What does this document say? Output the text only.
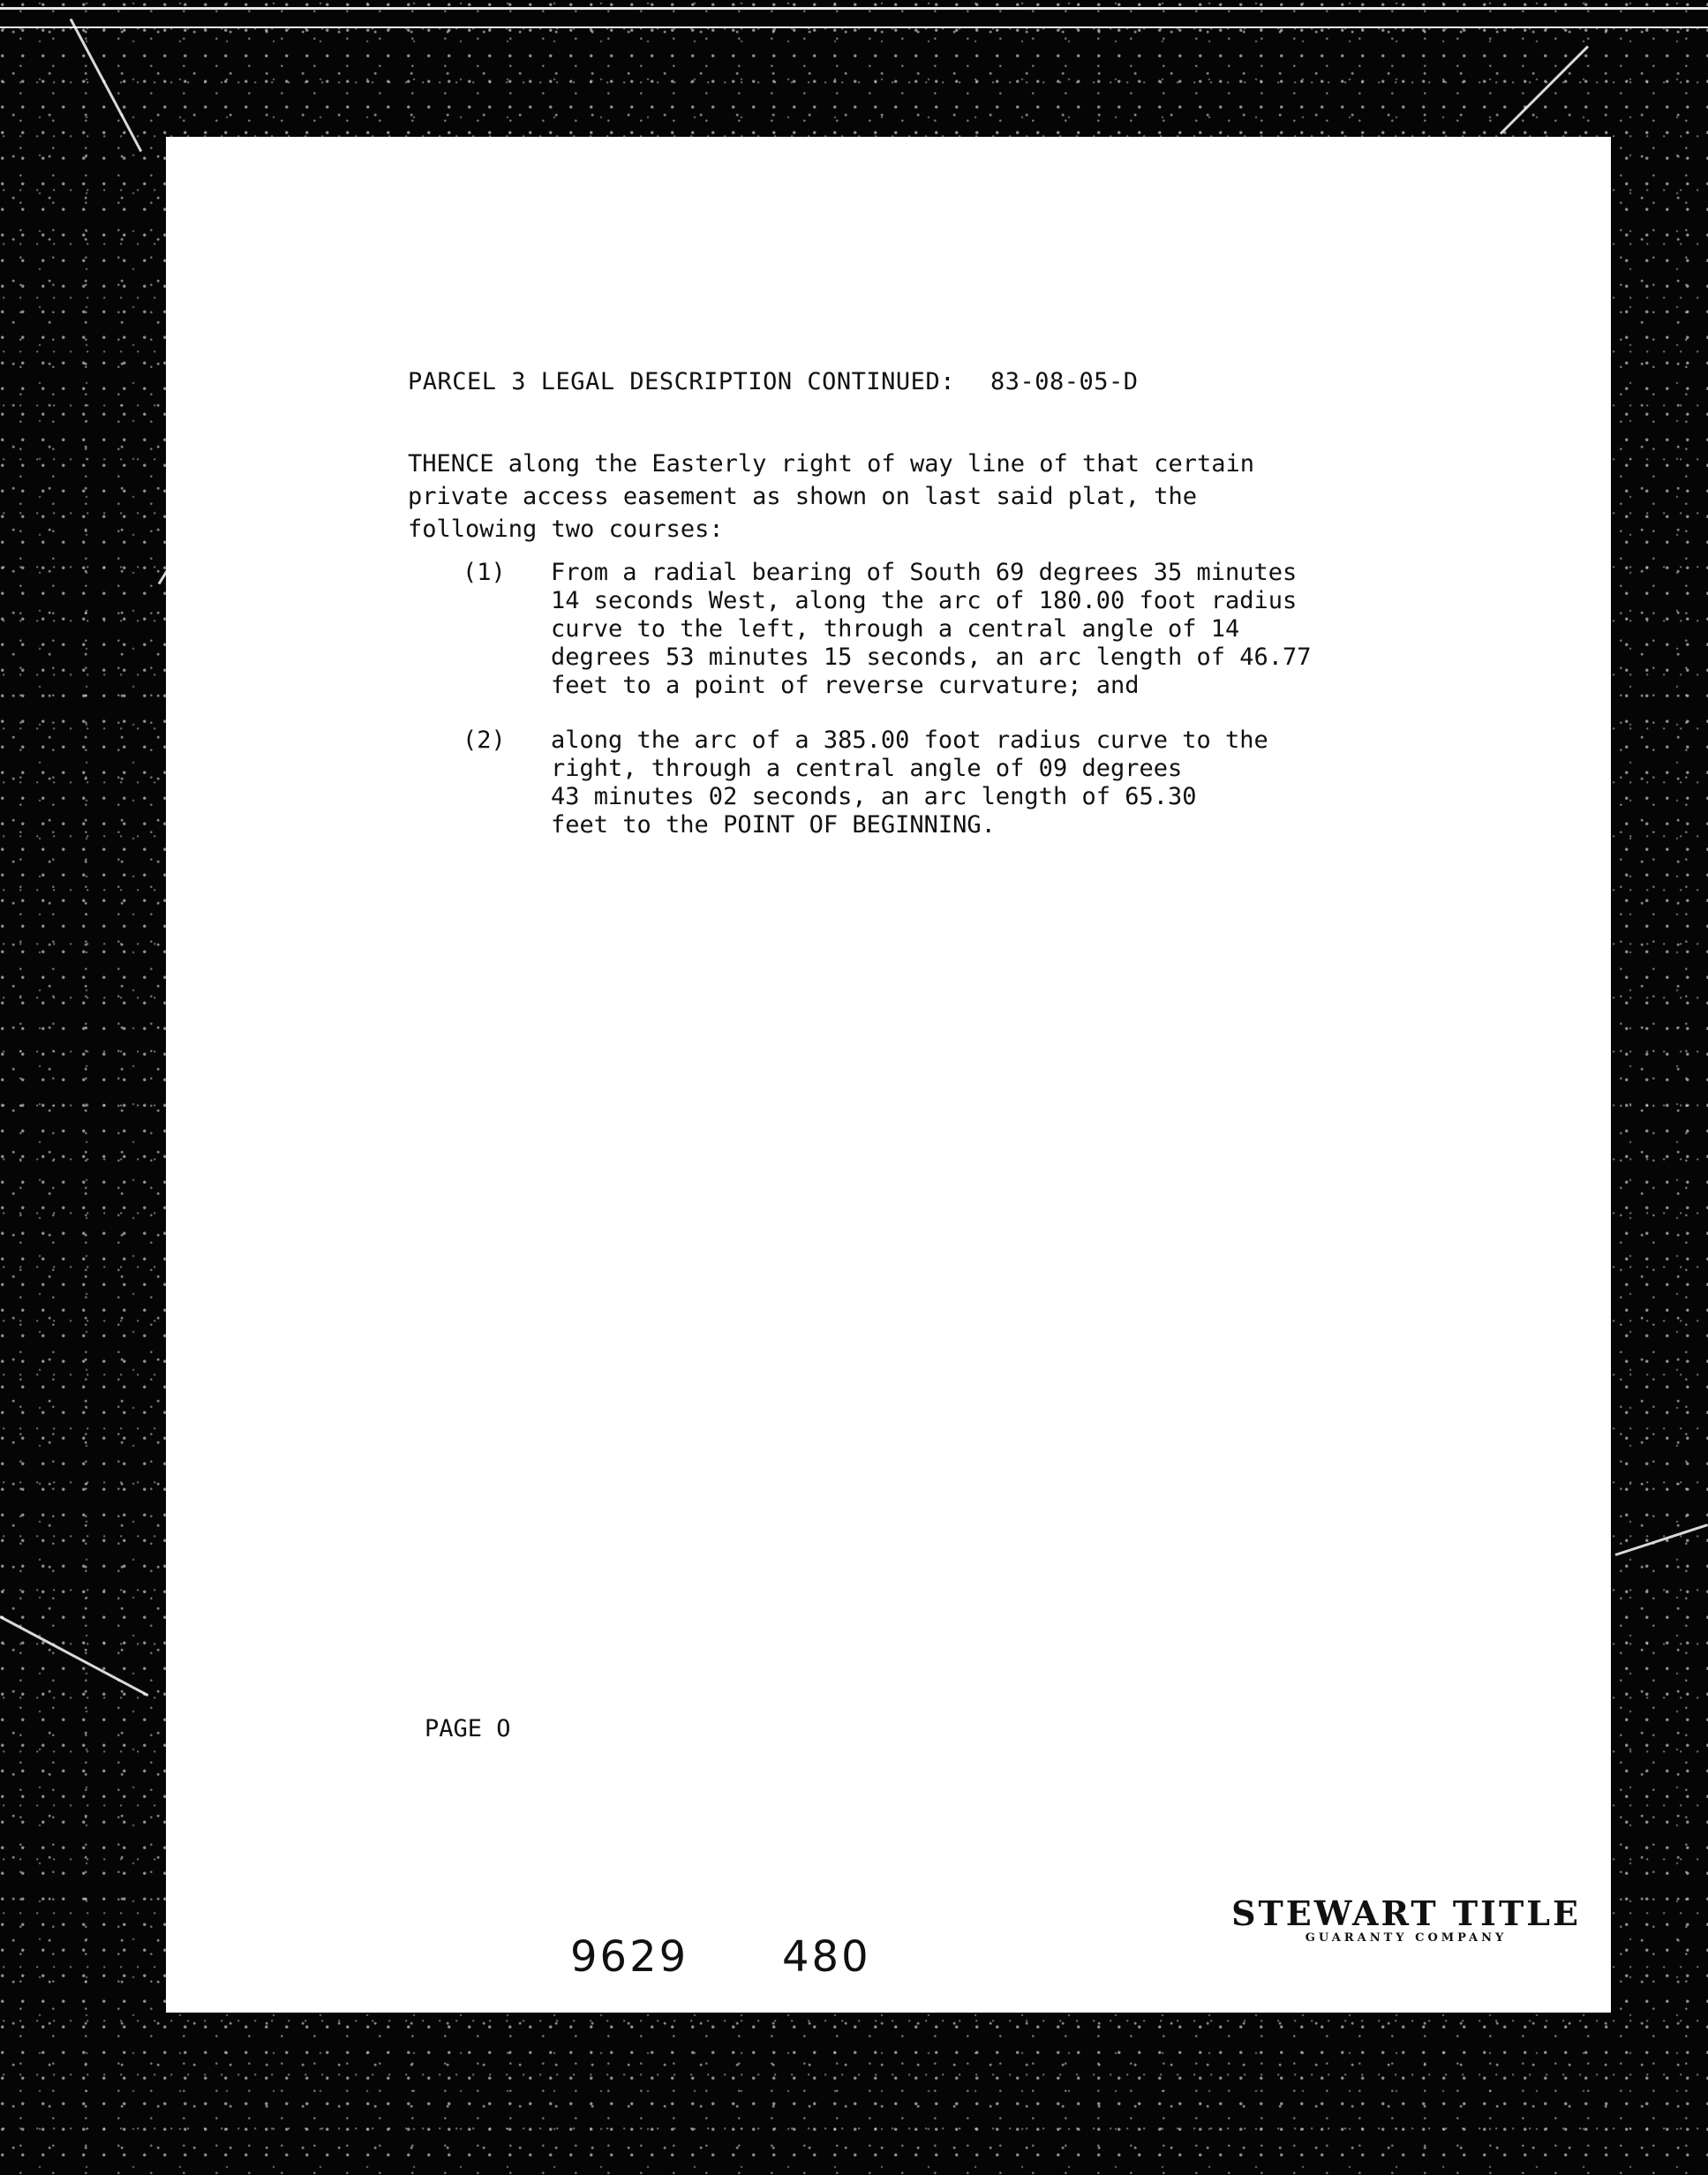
PARCEL 3 LEGAL DESCRIPTION CONTINUED: 83-08-05-D
THENCE along the Easterly right of way line of that certain
private access easement as shown on last said plat, the
following two courses:
(1) From a radial bearing of South 69 degrees 35 minutes
14 seconds West, along the arc of 180.00 foot radius
curve to the left, through a central angle of 14
degrees 53 minutes 15 seconds, an arc length of 46.77
feet to a point of reverse curvature; and
(2) along the arc of a 385.00 foot radius curve to the
right, through a central angle of 09 degrees
43 minutes 02 seconds, an arc length of 65.30
feet to the POINT OF BEGINNING.
PAGE O
9629 480
STEWART TITLE
GUARANTY COMPANY
